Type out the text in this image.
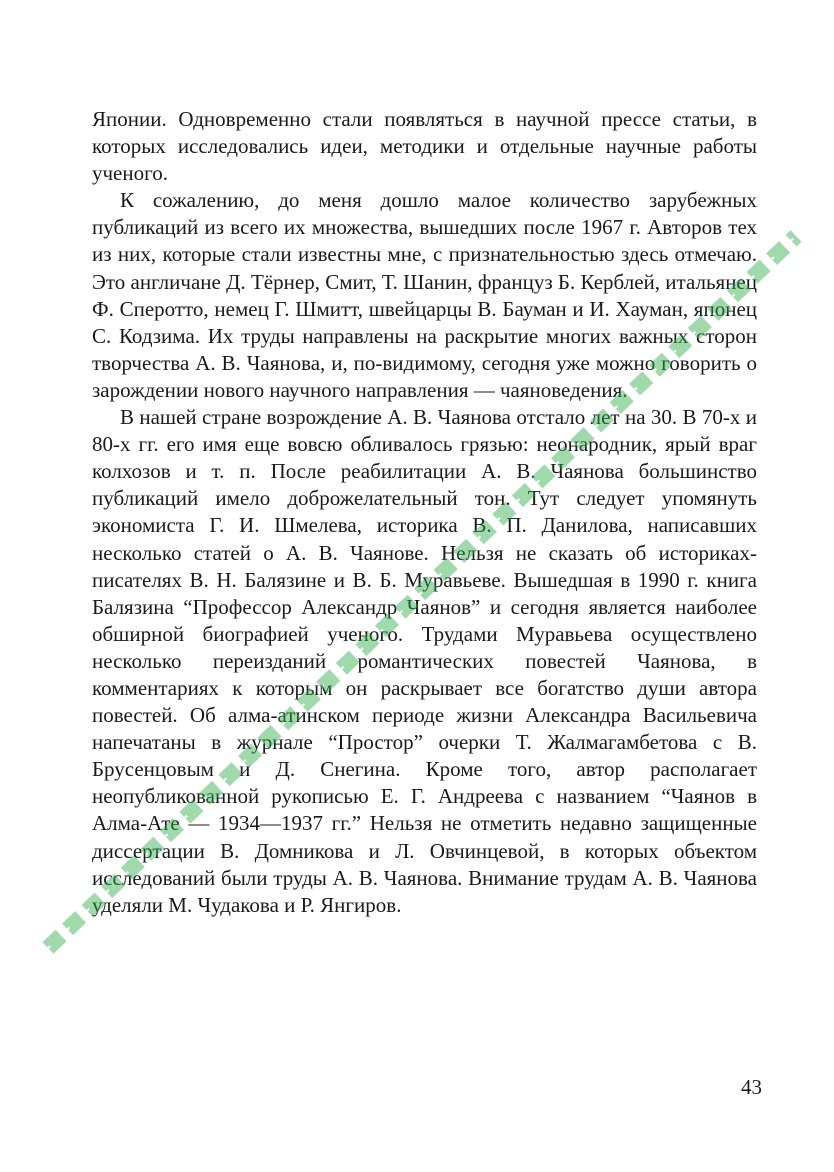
Японии. Одновременно стали появляться в научной прессе статьи, в которых исследовались идеи, методики и отдельные научные работы ученого.

К сожалению, до меня дошло малое количество зарубежных публикаций из всего их множества, вышедших после 1967 г. Авторов тех из них, которые стали известны мне, с признательностью здесь отмечаю. Это англичане Д. Тёрнер, Смит, Т. Шанин, француз Б. Керблей, итальянец Ф. Сперотто, немец Г. Шмитт, швейцарцы В. Бауман и И. Хауман, японец С. Кодзима. Их труды направлены на раскрытие многих важных сторон творчества А. В. Чаянова, и, по-видимому, сегодня уже можно говорить о зарождении нового научного направления — чаяноведения.

В нашей стране возрождение А. В. Чаянова отстало лет на 30. В 70-х и 80-х гг. его имя еще вовсю обливалось грязью: неонародник, ярый враг колхозов и т. п. После реабилитации А. В. Чаянова большинство публикаций имело доброжелательный тон. Тут следует упомянуть экономиста Г. И. Шмелева, историка В. П. Данилова, написавших несколько статей о А. В. Чаянове. Нельзя не сказать об историках-писателях В. Н. Балязине и В. Б. Муравьеве. Вышедшая в 1990 г. книга Балязина “Профессор Александр Чаянов” и сегодня является наиболее обширной биографией ученого. Трудами Муравьева осуществлено несколько переизданий романтических повестей Чаянова, в комментариях к которым он раскрывает все богатство души автора повестей. Об алма-атинском периоде жизни Александра Васильевича напечатаны в журнале “Простор” очерки Т. Жалмагамбетова с В. Брусенцовым и Д. Снегина. Кроме того, автор располагает неопубликованной рукописью Е. Г. Андреева с названием “Чаянов в Алма-Ате — 1934—1937 гг.” Нельзя не отметить недавно защищенные диссертации В. Домникова и Л. Овчинцевой, в которых объектом исследований были труды А. В. Чаянова. Внимание трудам А. В. Чаянова уделяли М. Чудакова и Р. Янгиров.

43
